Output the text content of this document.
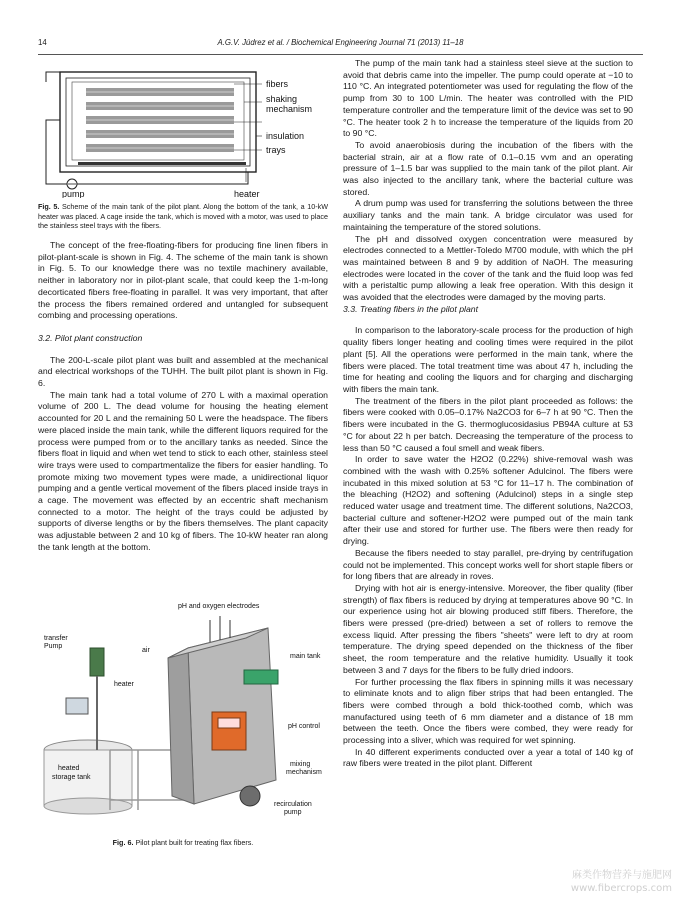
14	A.G.V. Júdrez et al. / Biochemical Engineering Journal 71 (2013) 11–18
fibers
shaking
mechanism
insulation
trays
pump	heater
Fig. 5. Scheme of the main tank of the pilot plant. Along the bottom of the tank, a 10-kW heater was placed. A cage inside the tank, which is moved with a motor, was used to place the stainless steel trays with the fibers.

The concept of the free-floating-fibers for producing fine linen fibers in pilot-plant-scale is shown in Fig. 4. The scheme of the main tank is shown in Fig. 5. To our knowledge there was no textile machinery available, neither in laboratory nor in pilot-plant scale, that could keep the 1-m-long decorticated fibers free-floating in parallel. It was very important, that after the process the fibers remained ordered and untangled for subsequent combing and processing operations.

3.2. Pilot plant construction

The 200-L-scale pilot plant was built and assembled at the mechanical and electrical workshops of the TUHH. The built pilot plant is shown in Fig. 6.

The main tank had a total volume of 270 L with a maximal operation volume of 200 L. The dead volume for housing the heating element accounted for 20 L and the remaining 50 L were the headspace. The fibers were placed inside the main tank, while the different liquors required for the process were pumped from or to the ancillary tanks as needed. Since the fibers float in liquid and when wet tend to stick to each other, stainless steel wire trays were used to compartmentalize the fibers for easier handling. To promote mixing two movement types were made, a unidirectional liquor pumping and a gentle vertical movement of the fibers placed inside trays in a cage. The movement was effected by an eccentric shaft mechanism connected to a motor. The height of the trays could be adjusted by supports of diverse lengths or by the fibers themselves. The plant capacity was adjustable between 2 and 10 kg of fibers. The 10-kW heater ran along the tank length at the bottom.

pH and oxygen electrodes
transfer
Pump
air
heater
main tank
heated
storage tank
pH control
mixing
mechanism
recirculation
pump
Fig. 6. Pilot plant built for treating flax fibers.

The pump of the main tank had a stainless steel sieve at the suction to avoid that debris came into the impeller. The pump could operate at −10 to 110 °C. An integrated potentiometer was used for regulating the flow of the pump from 30 to 100 L/min. The heater was controlled with the PID temperature controller and the temperature limit of the device was set to 90 °C. The heater took 2 h to increase the temperature of the liquids from 20 to 90 °C.

To avoid anaerobiosis during the incubation of the fibers with the bacterial strain, air at a flow rate of 0.1–0.15 vvm and an operating pressure of 1–1.5 bar was supplied to the main tank of the pilot plant. Air was also injected to the ancillary tank, where the bacterial culture was stored.

A drum pump was used for transferring the solutions between the three auxiliary tanks and the main tank. A bridge circulator was used for maintaining the temperature of the stored solutions.

The pH and dissolved oxygen concentration were measured by electrodes connected to a Mettler-Toledo M700 module, with which the pH was maintained between 8 and 9 by addition of NaOH. The measuring electrodes were located in the cover of the tank and the fluid loop was fed with a peristaltic pump allowing a leak free operation. With this design it was avoided that the electrodes were damaged by the moving parts.

3.3. Treating fibers in the pilot plant

In comparison to the laboratory-scale process for the production of high quality fibers longer heating and cooling times were required in the pilot plant [5]. All the operations were performed in the main tank, where the fibers were placed. The total treatment time was about 47 h, including the time for heating and cooling the liquors and for charging and discharging with fibers the main tank.

The treatment of the fibers in the pilot plant proceeded as follows: the fibers were cooked with 0.05–0.17% Na2CO3 for 6–7 h at 90 °C. Then the fibers were incubated in the G. thermoglucosidasius PB94A culture at 53 °C for about 22 h per batch. Decreasing the temperature of the process to less than 50 °C caused a foul smell and weak fibers.

In order to save water the H2O2 (0.22%) shive-removal wash was combined with the wash with 0.25% softener Adulcinol. The fibers were incubated in this mixed solution at 53 °C for 11–17 h. The combination of the bleaching (H2O2) and softening (Adulcinol) steps in a single step reduced water usage and treatment time. The different solutions, Na2CO3, bacterial culture and softener-H2O2 were pumped out of the main tank after their use and stored for further use. The fibers were then ready for drying.

Because the fibers needed to stay parallel, pre-drying by centrifugation could not be implemented. This concept works well for short staple fibers or for long fibers that are already in roves.

Drying with hot air is energy-intensive. Moreover, the fiber quality (fiber strength) of flax fibers is reduced by drying at temperatures above 90 °C. In our experience using hot air blowing produced stiff fibers. Therefore, the fibers were pressed (pre-dried) between a set of rollers to remove the excess liquid. After pressing the fibers "sheets" were left to dry at room temperature. The drying speed depended on the thickness of the fiber sheet, the room temperature and the relative humidity. Usually it took between 3 and 7 days for the fibers to be fully dried indoors.

For further processing the flax fibers in spinning mills it was necessary to eliminate knots and to align fiber strips that had been entangled. The fibers were combed through a bold thick-toothed comb, which was manufactured using teeth of 6 mm diameter and a distance of 18 mm between the teeth. Once the fibers were combed, they were ready for processing into a sliver, which was required for wet spinning.

In 40 different experiments conducted over a year a total of 140 kg of raw fibers were treated in the pilot plant. Different

麻类作物营养与施肥网
www.fibercrops.com
